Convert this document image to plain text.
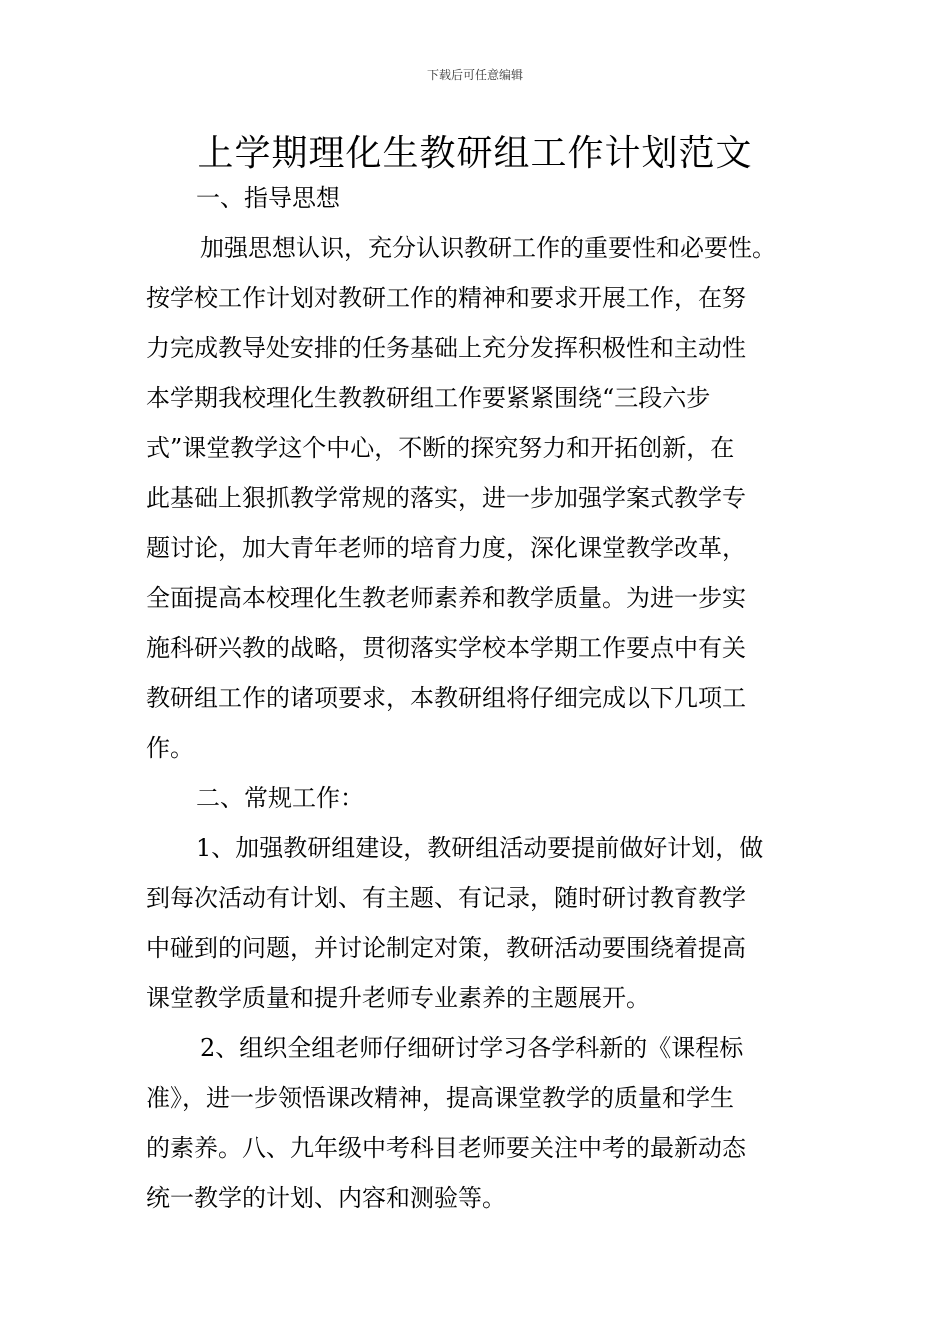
下载后可任意编辑
上学期理化生教研组工作计划范文
一、指导思想
加强思想认识，充分认识教研工作的重要性和必要性。
按学校工作计划对教研工作的精神和要求开展工作，在努
力完成教导处安排的任务基础上充分发挥积极性和主动性
本学期我校理化生教教研组工作要紧紧围绕“三段六步
式”课堂教学这个中心，不断的探究努力和开拓创新，在
此基础上狠抓教学常规的落实，进一步加强学案式教学专
题讨论，加大青年老师的培育力度，深化课堂教学改革，
全面提高本校理化生教老师素养和教学质量。为进一步实
施科研兴教的战略，贯彻落实学校本学期工作要点中有关
教研组工作的诸项要求，本教研组将仔细完成以下几项工
作。
二、常规工作：
1、加强教研组建设，教研组活动要提前做好计划，做
到每次活动有计划、有主题、有记录，随时研讨教育教学
中碰到的问题，并讨论制定对策，教研活动要围绕着提高
课堂教学质量和提升老师专业素养的主题展开。
2、组织全组老师仔细研讨学习各学科新的《课程标
准》，进一步领悟课改精神，提高课堂教学的质量和学生
的素养。八、九年级中考科目老师要关注中考的最新动态
统一教学的计划、内容和测验等。
